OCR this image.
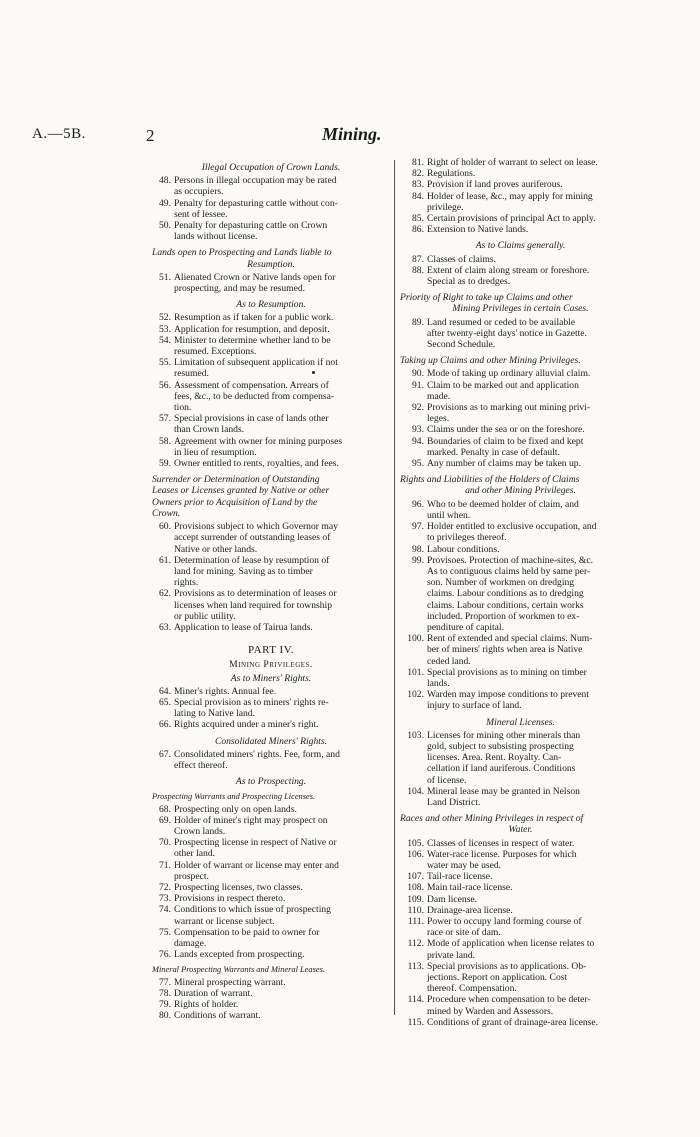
A.—5B.	2	Mining.
Illegal Occupation of Crown Lands.
48. Persons in illegal occupation may be rated
as occupiers.
49. Penalty for depasturing cattle without con-
sent of lessee.
50. Penalty for depasturing cattle on Crown
lands without license.
Lands open to Prospecting and Lands liable to
Resumption.
51. Alienated Crown or Native lands open for
prospecting, and may be resumed.
As to Resumption.
52. Resumption as if taken for a public work.
53. Application for resumption, and deposit.
54. Minister to determine whether land to be
resumed. Exceptions.
55. Limitation of subsequent application if not
resumed.
56. Assessment of compensation. Arrears of
fees, &c., to be deducted from compensa-
tion.
57. Special provisions in case of lands other
than Crown lands.
58. Agreement with owner for mining purposes
in lieu of resumption.
59. Owner entitled to rents, royalties, and fees.
Surrender or Determination of Outstanding
Leases or Licenses granted by Native or other
Owners prior to Acquisition of Land by the
Crown.
60. Provisions subject to which Governor may
accept surrender of outstanding leases of
Native or other lands.
61. Determination of lease by resumption of
land for mining. Saving as to timber
rights.
62. Provisions as to determination of leases or
licenses when land required for township
or public utility.
63. Application to lease of Tairua lands.
PART IV.
Mining Privileges.
As to Miners' Rights.
64. Miner's rights. Annual fee.
65. Special provision as to miners' rights re-
lating to Native land.
66. Rights acquired under a miner's right.
Consolidated Miners' Rights.
67. Consolidated miners' rights. Fee, form, and
effect thereof.
As to Prospecting.
Prospecting Warrants and Prospecting Licenses.
68. Prospecting only on open lands.
69. Holder of miner's right may prospect on
Crown lands.
70. Prospecting license in respect of Native or
other land.
71. Holder of warrant or license may enter and
prospect.
72. Prospecting licenses, two classes.
73. Provisions in respect thereto.
74. Conditions to which issue of prospecting
warrant or license subject.
75. Compensation to be paid to owner for
damage.
76. Lands excepted from prospecting.
Mineral Prospecting Warrants and Mineral Leases.
77. Mineral prospecting warrant.
78. Duration of warrant.
79. Rights of holder.
80. Conditions of warrant.
81. Right of holder of warrant to select on lease.
82. Regulations.
83. Provision if land proves auriferous.
84. Holder of lease, &c., may apply for mining
privilege.
85. Certain provisions of principal Act to apply.
86. Extension to Native lands.
As to Claims generally.
87. Classes of claims.
88. Extent of claim along stream or foreshore.
Special as to dredges.
Priority of Right to take up Claims and other
Mining Privileges in certain Cases.
89. Land resumed or ceded to be available
after twenty-eight days' notice in Gazette.
Second Schedule.
Taking up Claims and other Mining Privileges.
90. Mode of taking up ordinary alluvial claim.
91. Claim to be marked out and application
made.
92. Provisions as to marking out mining privi-
leges.
93. Claims under the sea or on the foreshore.
94. Boundaries of claim to be fixed and kept
marked. Penalty in case of default.
95. Any number of claims may be taken up.
Rights and Liabilities of the Holders of Claims
and other Mining Privileges.
96. Who to be deemed holder of claim, and
until when.
97. Holder entitled to exclusive occupation, and
to privileges thereof.
98. Labour conditions.
99. Provisoes. Protection of machine-sites, &c.
As to contiguous claims held by same per-
son. Number of workmen on dredging
claims. Labour conditions as to dredging
claims. Labour conditions, certain works
included. Proportion of workmen to ex-
penditure of capital.
100. Rent of extended and special claims. Num-
ber of miners' rights when area is Native
ceded land.
101. Special provisions as to mining on timber
lands.
102. Warden may impose conditions to prevent
injury to surface of land.
Mineral Licenses.
103. Licenses for mining other minerals than
gold, subject to subsisting prospecting
licenses. Area. Rent. Royalty. Can-
cellation if land auriferous. Conditions
of license.
104. Mineral lease may be granted in Nelson
Land District.
Races and other Mining Privileges in respect of
Water.
105. Classes of licenses in respect of water.
106. Water-race license. Purposes for which
water may be used.
107. Tail-race license.
108. Main tail-race license.
109. Dam license.
110. Drainage-area license.
111. Power to occupy land forming course of
race or site of dam.
112. Mode of application when license relates to
private land.
113. Special provisions as to applications. Ob-
jections. Report on application. Cost
thereof. Compensation.
114. Procedure when compensation to be deter-
mined by Warden and Assessors.
115. Conditions of grant of drainage-area license.
